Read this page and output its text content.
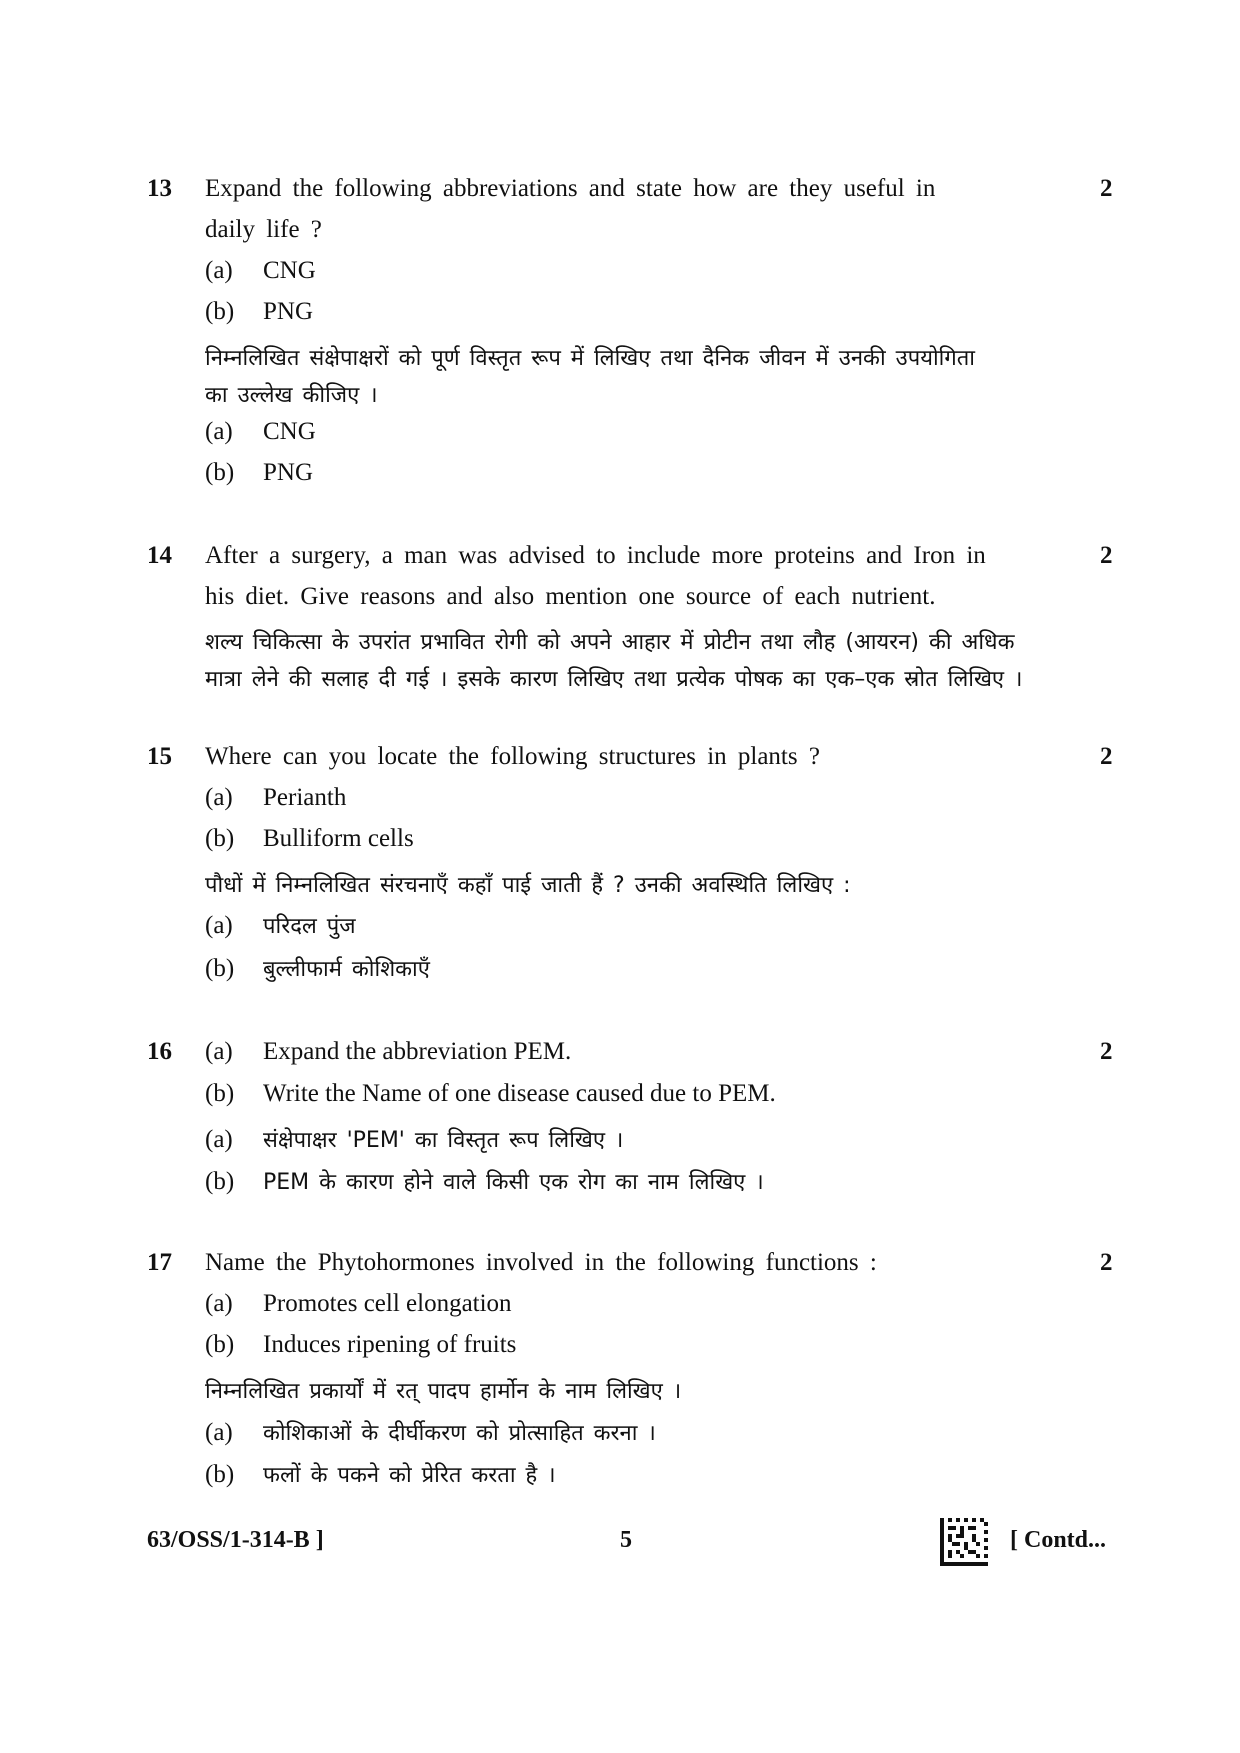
13	2
Expand the following abbreviations and state how are they useful in
daily life ?
(a) CNG
(b) PNG
निम्नलिखित संक्षेपाक्षरों को पूर्ण विस्तृत रूप में लिखिए तथा दैनिक जीवन में उनकी उपयोगिता
का उल्लेख कीजिए ।
(a) CNG
(b) PNG
14	2
After a surgery, a man was advised to include more proteins and Iron in
his diet. Give reasons and also mention one source of each nutrient.
शल्य चिकित्सा के उपरांत प्रभावित रोगी को अपने आहार में प्रोटीन तथा लौह (आयरन) की अधिक
मात्रा लेने की सलाह दी गई । इसके कारण लिखिए तथा प्रत्येक पोषक का एक–एक स्रोत लिखिए ।
15	2
Where can you locate the following structures in plants ?
(a) Perianth
(b) Bulliform cells
पौधों में निम्नलिखित संरचनाएँ कहाँ पाई जाती हैं ? उनकी अवस्थिति लिखिए :
(a) परिदल पुंज
(b) बुल्लीफार्म कोशिकाएँ
16	2
(a) Expand the abbreviation PEM.
(b) Write the Name of one disease caused due to PEM.
(a) संक्षेपाक्षर 'PEM' का विस्तृत रूप लिखिए ।
(b) PEM के कारण होने वाले किसी एक रोग का नाम लिखिए ।
17	2
Name the Phytohormones involved in the following functions :
(a) Promotes cell elongation
(b) Induces ripening of fruits
निम्नलिखित प्रकार्यों में रत् पादप हार्मोन के नाम लिखिए ।
(a) कोशिकाओं के दीर्घीकरण को प्रोत्साहित करना ।
(b) फलों के पकने को प्रेरित करता है ।
63/OSS/1-314-B ]	5	[ Contd...
